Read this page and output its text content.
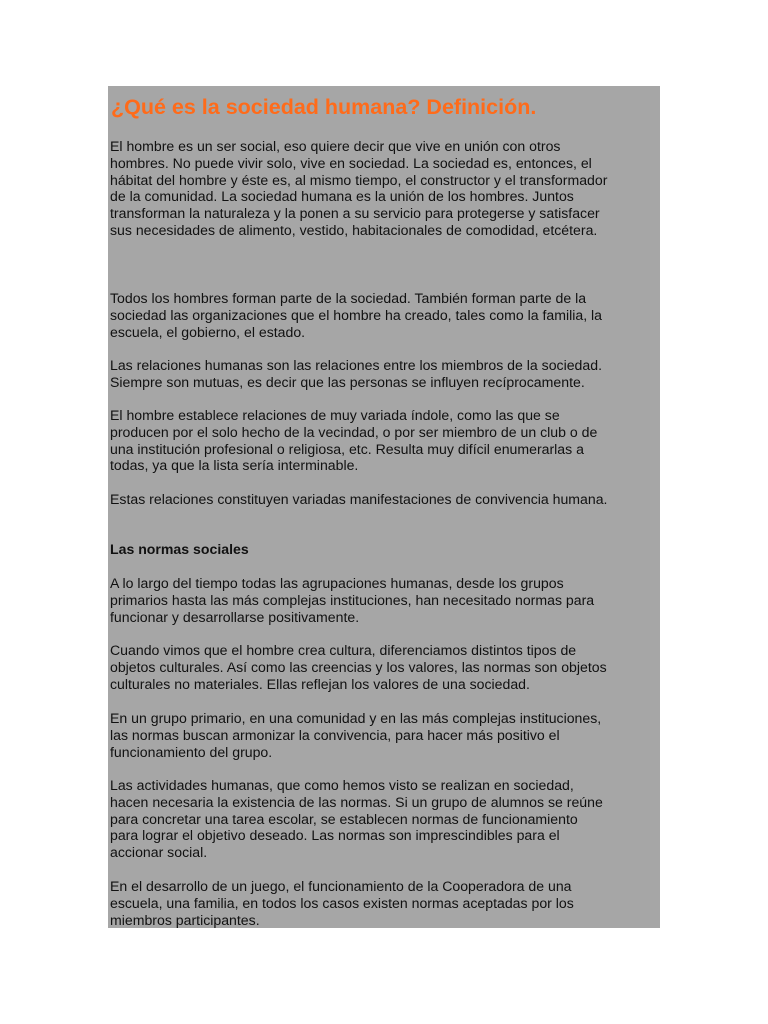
¿Qué es la sociedad humana? Definición.

El hombre es un ser social, eso quiere decir que vive en unión con otros
hombres. No puede vivir solo, vive en sociedad. La sociedad es, entonces, el
hábitat del hombre y éste es, al mismo tiempo, el constructor y el transformador
de la comunidad. La sociedad humana es la unión de los hombres. Juntos
transforman la naturaleza y la ponen a su servicio para protegerse y satisfacer
sus necesidades de alimento, vestido, habitacionales de comodidad, etcétera.

Todos los hombres forman parte de la sociedad. También forman parte de la
sociedad las organizaciones que el hombre ha creado, tales como la familia, la
escuela, el gobierno, el estado.

Las relaciones humanas son las relaciones entre los miembros de la sociedad.
Siempre son mutuas, es decir que las personas se influyen recíprocamente.

El hombre establece relaciones de muy variada índole, como las que se
producen por el solo hecho de la vecindad, o por ser miembro de un club o de
una institución profesional o religiosa, etc. Resulta muy difícil enumerarlas a
todas, ya que la lista sería interminable.

Estas relaciones constituyen variadas manifestaciones de convivencia humana.

Las normas sociales

A lo largo del tiempo todas las agrupaciones humanas, desde los grupos
primarios hasta las más complejas instituciones, han necesitado normas para
funcionar y desarrollarse positivamente.

Cuando vimos que el hombre crea cultura, diferenciamos distintos tipos de
objetos culturales. Así como las creencias y los valores, las normas son objetos
culturales no materiales. Ellas reflejan los valores de una sociedad.

En un grupo primario, en una comunidad y en las más complejas instituciones,
las normas buscan armonizar la convivencia, para hacer más positivo el
funcionamiento del grupo.

Las actividades humanas, que como hemos visto se realizan en sociedad,
hacen necesaria la existencia de las normas. Si un grupo de alumnos se reúne
para concretar una tarea escolar, se establecen normas de funcionamiento
para lograr el objetivo deseado. Las normas son imprescindibles para el
accionar social.

En el desarrollo de un juego, el funcionamiento de la Cooperadora de una
escuela, una familia, en todos los casos existen normas aceptadas por los
miembros participantes.
